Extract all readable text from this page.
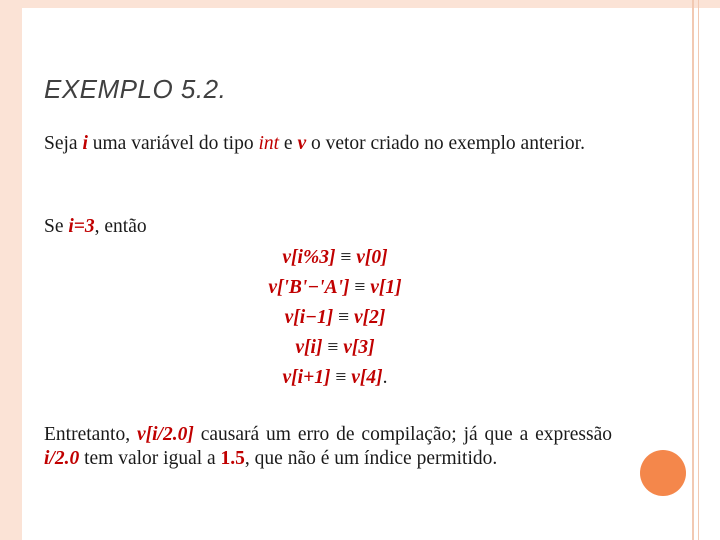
EXEMPLO 5.2.
Seja i uma variável do tipo int e v o vetor criado no exemplo anterior.
Se i=3, então
v[i%3] ≡ v[0]
v['B'−'A'] ≡ v[1]
v[i−1] ≡ v[2]
v[i] ≡ v[3]
v[i+1] ≡ v[4].
Entretanto, v[i/2.0] causará um erro de compilação; já que a expressão i/2.0 tem valor igual a 1.5, que não é um índice permitido.
